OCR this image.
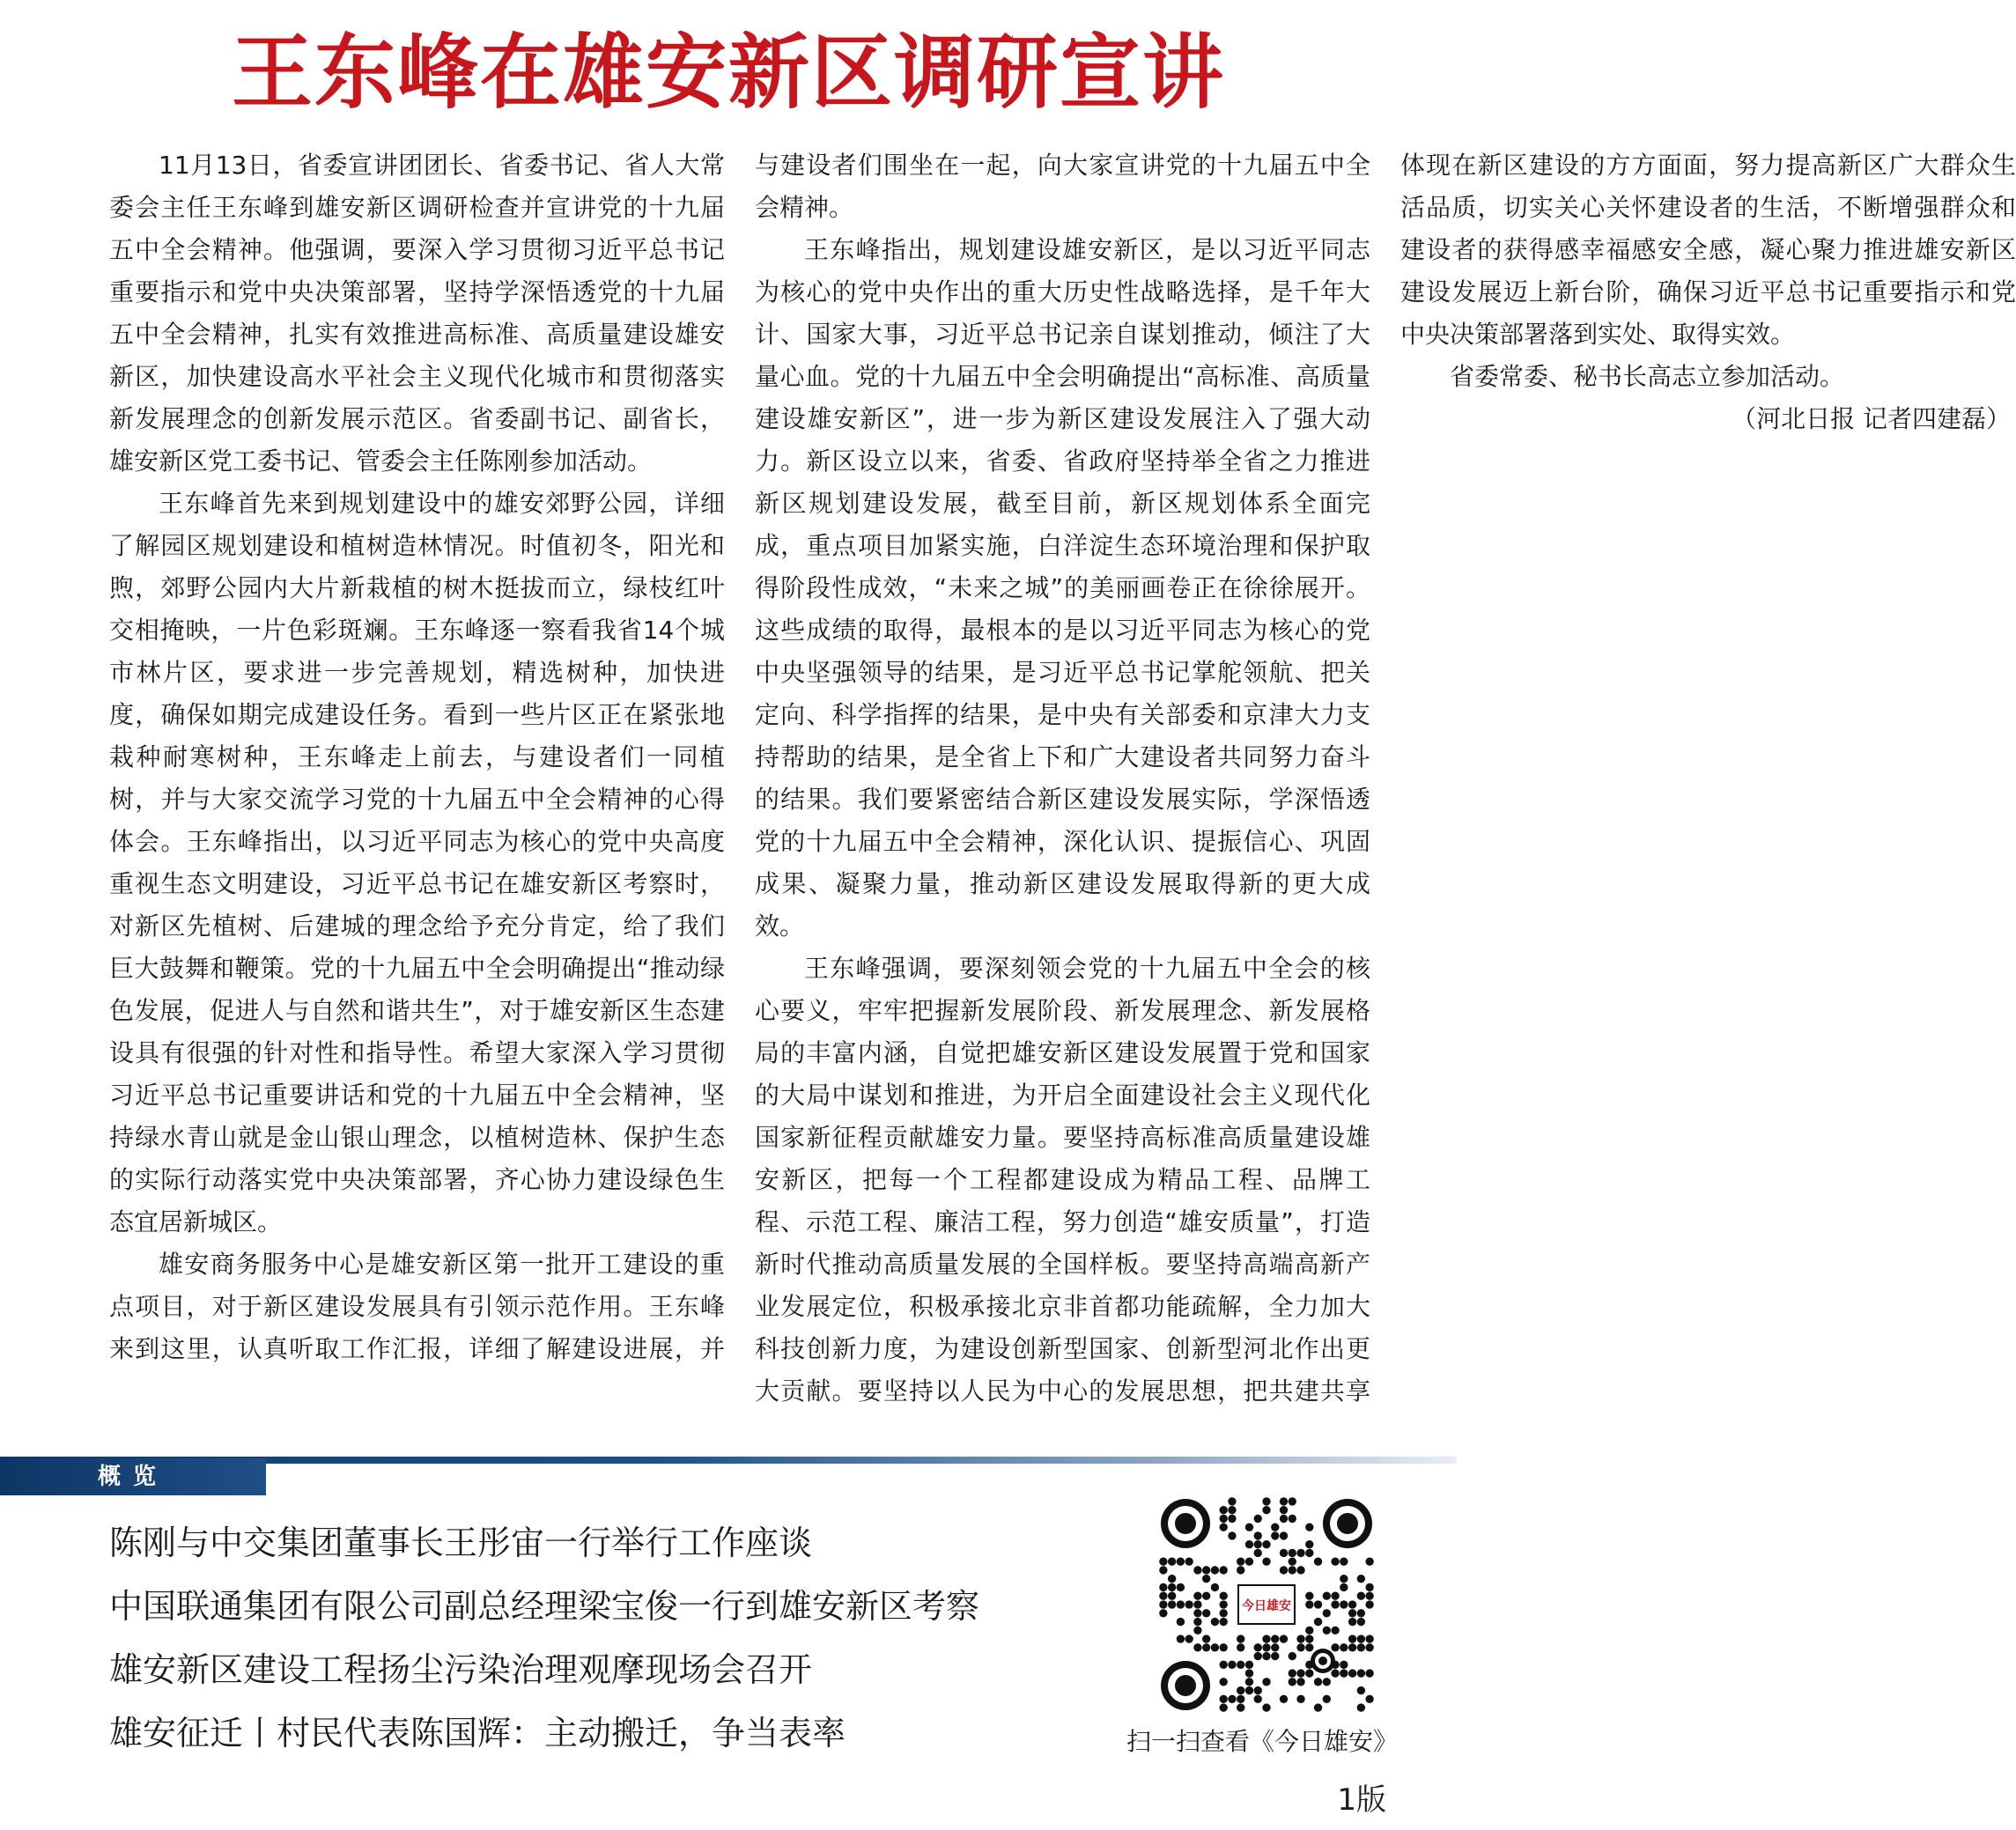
王东峰在雄安新区调研宣讲

11月13日，省委宣讲团团长、省委书记、省人大常委会主任王东峰到雄安新区调研检查并宣讲党的十九届五中全会精神。他强调，要深入学习贯彻习近平总书记重要指示和党中央决策部署，坚持学深悟透党的十九届五中全会精神，扎实有效推进高标准、高质量建设雄安新区，加快建设高水平社会主义现代化城市和贯彻落实新发展理念的创新发展示范区。省委副书记、副省长，雄安新区党工委书记、管委会主任陈刚参加活动。

王东峰首先来到规划建设中的雄安郊野公园，详细了解园区规划建设和植树造林情况。时值初冬，阳光和煦，郊野公园内大片新栽植的树木挺拔而立，绿枝红叶交相掩映，一片色彩斑斓。王东峰逐一察看我省14个城市林片区，要求进一步完善规划，精选树种，加快进度，确保如期完成建设任务。看到一些片区正在紧张地栽种耐寒树种，王东峰走上前去，与建设者们一同植树，并与大家交流学习党的十九届五中全会精神的心得体会。王东峰指出，以习近平同志为核心的党中央高度重视生态文明建设，习近平总书记在雄安新区考察时，对新区先植树、后建城的理念给予充分肯定，给了我们巨大鼓舞和鞭策。党的十九届五中全会明确提出“推动绿色发展，促进人与自然和谐共生”，对于雄安新区生态建设具有很强的针对性和指导性。希望大家深入学习贯彻习近平总书记重要讲话和党的十九届五中全会精神，坚持绿水青山就是金山银山理念，以植树造林、保护生态的实际行动落实党中央决策部署，齐心协力建设绿色生态宜居新城区。

雄安商务服务中心是雄安新区第一批开工建设的重点项目，对于新区建设发展具有引领示范作用。王东峰来到这里，认真听取工作汇报，详细了解建设进展，并与建设者们围坐在一起，向大家宣讲党的十九届五中全会精神。

王东峰指出，规划建设雄安新区，是以习近平同志为核心的党中央作出的重大历史性战略选择，是千年大计、国家大事，习近平总书记亲自谋划推动，倾注了大量心血。党的十九届五中全会明确提出“高标准、高质量建设雄安新区”，进一步为新区建设发展注入了强大动力。新区设立以来，省委、省政府坚持举全省之力推进新区规划建设发展，截至目前，新区规划体系全面完成，重点项目加紧实施，白洋淀生态环境治理和保护取得阶段性成效，“未来之城”的美丽画卷正在徐徐展开。这些成绩的取得，最根本的是以习近平同志为核心的党中央坚强领导的结果，是习近平总书记掌舵领航、把关定向、科学指挥的结果，是中央有关部委和京津大力支持帮助的结果，是全省上下和广大建设者共同努力奋斗的结果。我们要紧密结合新区建设发展实际，学深悟透党的十九届五中全会精神，深化认识、提振信心、巩固成果、凝聚力量，推动新区建设发展取得新的更大成效。

王东峰强调，要深刻领会党的十九届五中全会的核心要义，牢牢把握新发展阶段、新发展理念、新发展格局的丰富内涵，自觉把雄安新区建设发展置于党和国家的大局中谋划和推进，为开启全面建设社会主义现代化国家新征程贡献雄安力量。要坚持高标准高质量建设雄安新区，把每一个工程都建设成为精品工程、品牌工程、示范工程、廉洁工程，努力创造“雄安质量”，打造新时代推动高质量发展的全国样板。要坚持高端高新产业发展定位，积极承接北京非首都功能疏解，全力加大科技创新力度，为建设创新型国家、创新型河北作出更大贡献。要坚持以人民为中心的发展思想，把共建共享体现在新区建设的方方面面，努力提高新区广大群众生活品质，切实关心关怀建设者的生活，不断增强群众和建设者的获得感幸福感安全感，凝心聚力推进雄安新区建设发展迈上新台阶，确保习近平总书记重要指示和党中央决策部署落到实处、取得实效。

省委常委、秘书长高志立参加活动。

（河北日报 记者四建磊）
概览
陈刚与中交集团董事长王彤宙一行举行工作座谈
中国联通集团有限公司副总经理梁宝俊一行到雄安新区考察
雄安新区建设工程扬尘污染治理观摩现场会召开
雄安征迁丨村民代表陈国辉：主动搬迁，争当表率
今日雄安
扫一扫查看《今日雄安》
1版
